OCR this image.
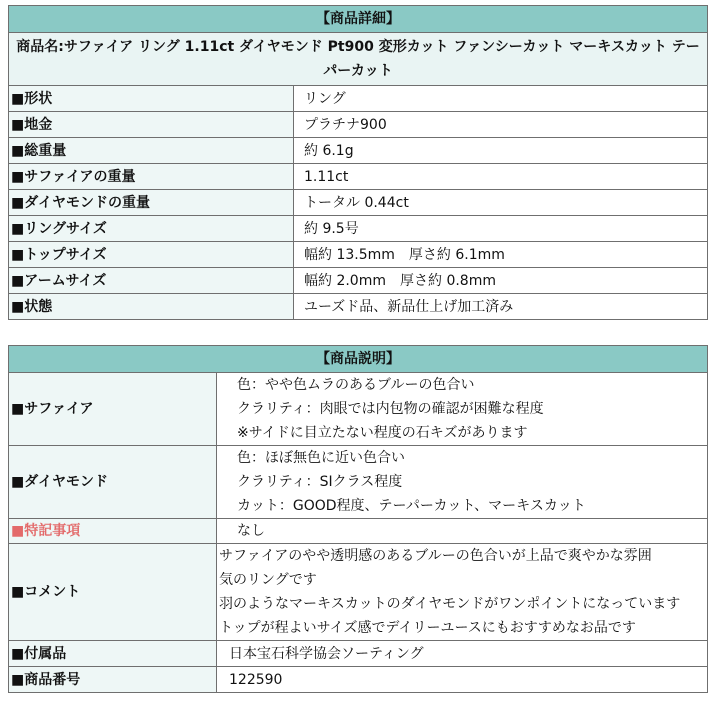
【商品詳細】	
商品名:サファイア リング 1.11ct ダイヤモンド Pt900 変形カット ファンシーカット マーキスカット テーパーカット	
■形状	リング
■地金	プラチナ900
■総重量	約 6.1g
■サファイアの重量	1.11ct
■ダイヤモンドの重量	トータル 0.44ct
■リングサイズ	約 9.5号
■トップサイズ	幅約 13.5mm　厚さ約 6.1mm
■アームサイズ	幅約 2.0mm　厚さ約 0.8mm
■状態	ユーズド品、新品仕上げ加工済み
【商品説明】	
■サファイア	色：やや色ムラのあるブルーの色合い
クラリティ：肉眼では内包物の確認が困難な程度
※サイドに目立たない程度の石キズがあります

■ダイヤモンド	色：ほぼ無色に近い色合い
クラリティ：SIクラス程度
カット：GOOD程度、テーパーカット、マーキスカット

■特記事項	なし
■コメント	サファイアのやや透明感のあるブルーの色合いが上品で爽やかな雰囲
気のリングです
羽のようなマーキスカットのダイヤモンドがワンポイントになっています
トップが程よいサイズ感でデイリーユースにもおすすめなお品です

■付属品	日本宝石科学協会ソーティング
■商品番号	122590
